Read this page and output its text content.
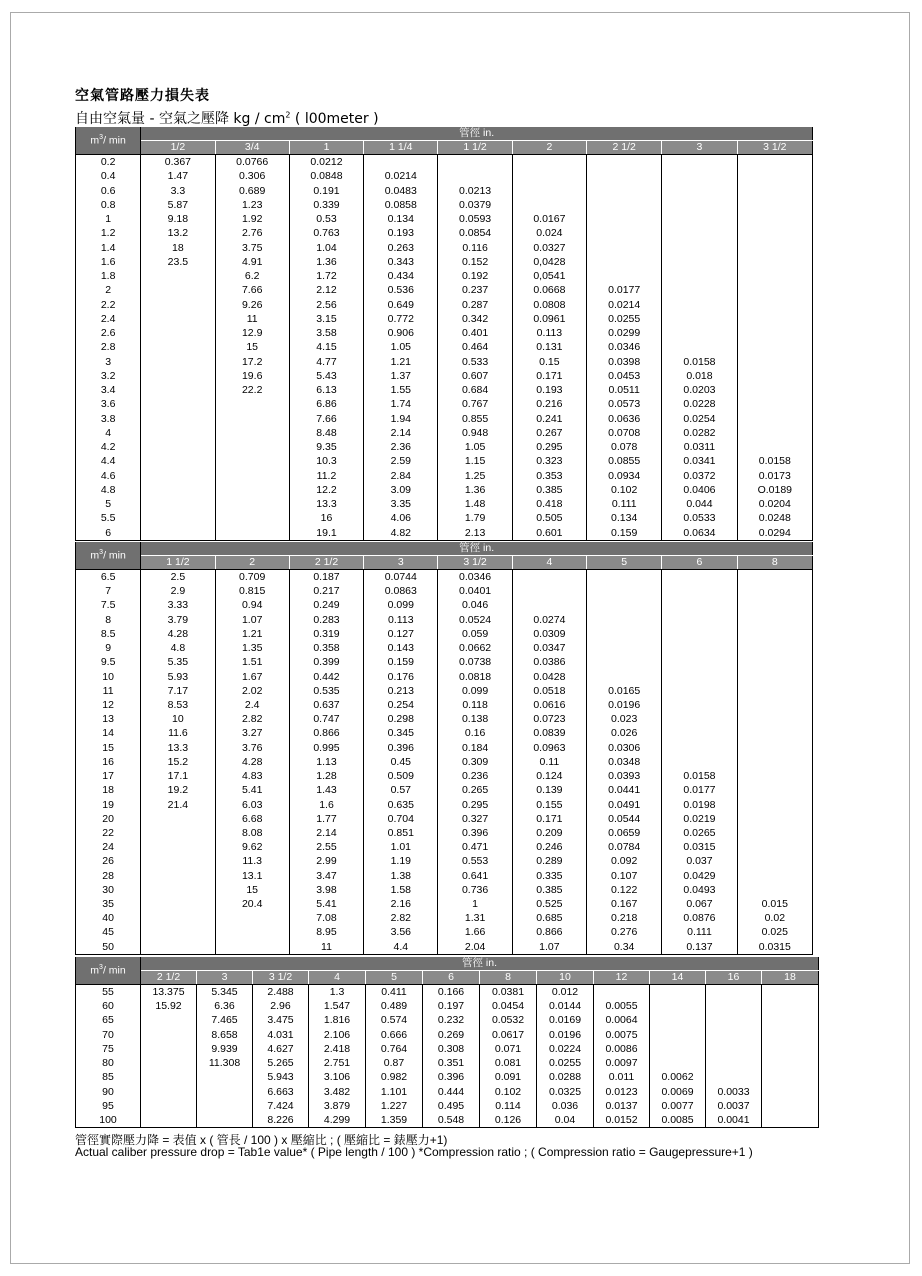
空氣管路壓力損失表
自由空氣量 - 空氣之壓降 kg / $cm^2$ ( l00meter )
$m^3/$ min	管徑 in.								
	1/2	3/4	1	1 1/4	1 1/2	2	2 1/2	3	3 1/2
0.2	0.367	0.0766	0.0212						
0.4	1.47	0.306	0.0848	0.0214					
0.6	3.3	0.689	0.191	0.0483	0.0213				
0.8	5.87	1.23	0.339	0.0858	0.0379				
1	9.18	1.92	0.53	0.134	0.0593	0.0167			
1.2	13.2	2.76	0.763	0.193	0.0854	0.024			
1.4	18	3.75	1.04	0.263	0.116	0.0327			
1.6	23.5	4.91	1.36	0.343	0.152	0,0428			
1.8		6.2	1.72	0.434	0.192	0,0541			
2		7.66	2.12	0.536	0.237	0.0668	0.0177		
2.2		9.26	2.56	0.649	0.287	0.0808	0.0214		
2.4		11	3.15	0.772	0.342	0.0961	0.0255		
2.6		12.9	3.58	0.906	0.401	0.113	0.0299		
2.8		15	4.15	1.05	0.464	0.131	0.0346		
3		17.2	4.77	1.21	0.533	0.15	0.0398	0.0158	
3.2		19.6	5.43	1.37	0.607	0.171	0.0453	0.018	
3.4		22.2	6.13	1.55	0.684	0.193	0.0511	0.0203	
3.6			6.86	1.74	0.767	0.216	0.0573	0.0228	
3.8			7.66	1.94	0.855	0.241	0.0636	0.0254	
4			8.48	2.14	0.948	0.267	0.0708	0.0282	
4.2			9.35	2.36	1.05	0.295	0.078	0.0311	
4.4			10.3	2.59	1.15	0.323	0.0855	0.0341	0.0158
4.6			11.2	2.84	1.25	0.353	0.0934	0.0372	0.0173
4.8			12.2	3.09	1.36	0.385	0.102	0.0406	O.0189
5			13.3	3.35	1.48	0.418	0.111	0.044	0.0204
5.5			16	4.06	1.79	0.505	0.134	0.0533	0.0248
6			19.1	4.82	2.13	0.601	0.159	0.0634	0.0294
$m^3/$ min	管徑 in.								
	1 1/2	2	2 1/2	3	3 1/2	4	5	6	8
6.5	2.5	0.709	0.187	0.0744	0.0346				
7	2.9	0.815	0.217	0.0863	0.0401				
7.5	3.33	0.94	0.249	0.099	0.046				
8	3.79	1.07	0.283	0.113	0.0524	0.0274			
8.5	4.28	1.21	0.319	0.127	0.059	0.0309			
9	4.8	1.35	0.358	0.143	0.0662	0.0347			
9.5	5.35	1.51	0.399	0.159	0.0738	0.0386			
10	5.93	1.67	0.442	0.176	0.0818	0.0428			
11	7.17	2.02	0.535	0.213	0.099	0.0518	0.0165		
12	8.53	2.4	0.637	0.254	0.118	0.0616	0.0196		
13	10	2.82	0.747	0.298	0.138	0.0723	0.023		
14	11.6	3.27	0.866	0.345	0.16	0.0839	0.026		
15	13.3	3.76	0.995	0.396	0.184	0.0963	0.0306		
16	15.2	4.28	1.13	0.45	0.309	0.11	0.0348		
17	17.1	4.83	1.28	0.509	0.236	0.124	0.0393	0.0158	
18	19.2	5.41	1.43	0.57	0.265	0.139	0.0441	0.0177	
19	21.4	6.03	1.6	0.635	0.295	0.155	0.0491	0.0198	
20		6.68	1.77	0.704	0.327	0.171	0.0544	0.0219	
22		8.08	2.14	0.851	0.396	0.209	0.0659	0.0265	
24		9.62	2.55	1.01	0.471	0.246	0.0784	0.0315	
26		11.3	2.99	1.19	0.553	0.289	0.092	0.037	
28		13.1	3.47	1.38	0.641	0.335	0.107	0.0429	
30		15	3.98	1.58	0.736	0.385	0.122	0.0493	
35		20.4	5.41	2.16	1	0.525	0.167	0.067	0.015
40			7.08	2.82	1.31	0.685	0.218	0.0876	0.02
45			8.95	3.56	1.66	0.866	0.276	0.111	0.025
50			11	4.4	2.04	1.07	0.34	0.137	0.0315
$m^3/$ min	管徑 in.											
	2 1/2	3	3 1/2	4	5	6	8	10	12	14	16	18
55	13.375	5.345	2.488	1.3	0.411	0.166	0.0381	0.012				
60	15.92	6.36	2.96	1.547	0.489	0.197	0.0454	0.0144	0.0055			
65		7.465	3.475	1.816	0.574	0.232	0.0532	0.0169	0.0064			
70		8.658	4.031	2.106	0.666	0.269	0.0617	0.0196	0.0075			
75		9.939	4.627	2.418	0.764	0.308	0.071	0.0224	0.0086			
80		11.308	5.265	2.751	0.87	0.351	0.081	0.0255	0.0097			
85			5.943	3.106	0.982	0.396	0.091	0.0288	0.011	0.0062		
90			6.663	3.482	1.101	0.444	0.102	0.0325	0.0123	0.0069	0.0033	
95			7.424	3.879	1.227	0.495	0.114	0.036	0.0137	0.0077	0.0037	
100			8.226	4.299	1.359	0.548	0.126	0.04	0.0152	0.0085	0.0041	
管徑實際壓力降 = 表值 x ( 管長 / 100 ) x 壓縮比 ; ( 壓縮比 = 錶壓力+1)
Actual caliber pressure drop = Tab1e value* ( Pipe length / 100 ) *Compression ratio ; ( Compression ratio = Gaugepressure+1 )
